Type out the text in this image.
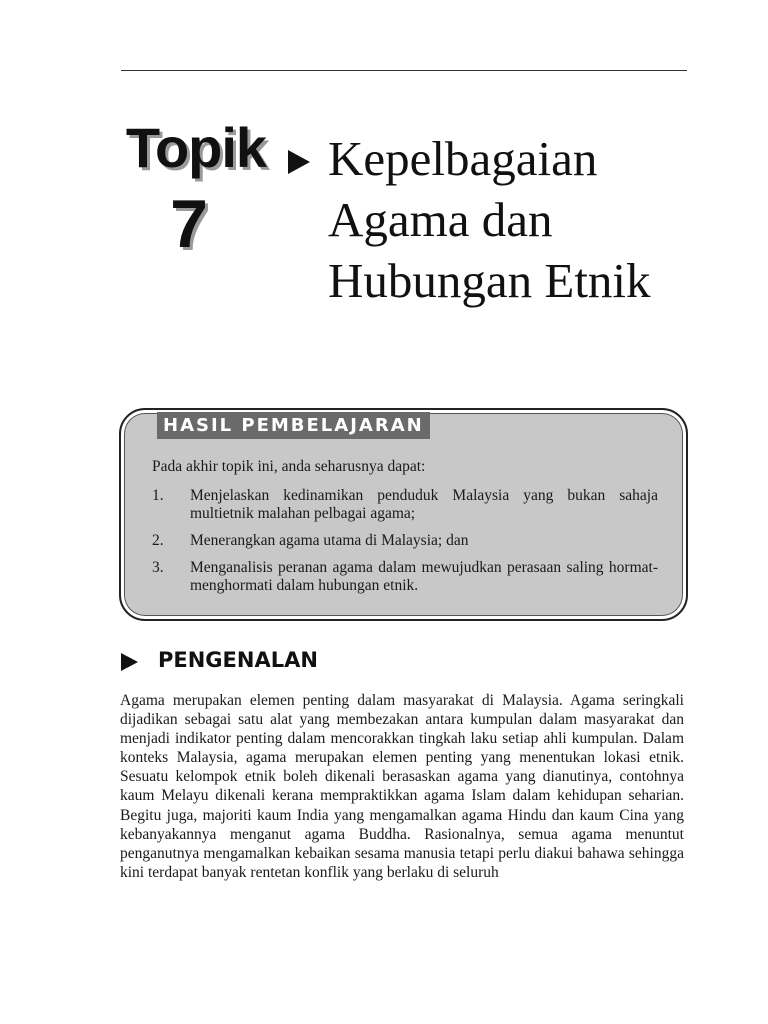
Topik
7
Kepelbagaian Agama dan Hubungan Etnik
HASIL PEMBELAJARAN

Pada akhir topik ini, anda seharusnya dapat:

1.	Menjelaskan kedinamikan penduduk Malaysia yang bukan sahaja multietnik malahan pelbagai agama;
2.	Menerangkan agama utama di Malaysia; dan
3.	Menganalisis peranan agama dalam mewujudkan perasaan saling hormat-menghormati dalam hubungan etnik.
PENGENALAN

Agama merupakan elemen penting dalam masyarakat di Malaysia. Agama seringkali dijadikan sebagai satu alat yang membezakan antara kumpulan dalam masyarakat dan menjadi indikator penting dalam mencorakkan tingkah laku setiap ahli kumpulan. Dalam konteks Malaysia, agama merupakan elemen penting yang menentukan lokasi etnik. Sesuatu kelompok etnik boleh dikenali berasaskan agama yang dianutinya, contohnya kaum Melayu dikenali kerana mempraktikkan agama Islam dalam kehidupan seharian. Begitu juga, majoriti kaum India yang mengamalkan agama Hindu dan kaum Cina yang kebanyakannya menganut agama Buddha. Rasionalnya, semua agama menuntut penganutnya mengamalkan kebaikan sesama manusia tetapi perlu diakui bahawa sehingga kini terdapat banyak rentetan konflik yang berlaku di seluruh
